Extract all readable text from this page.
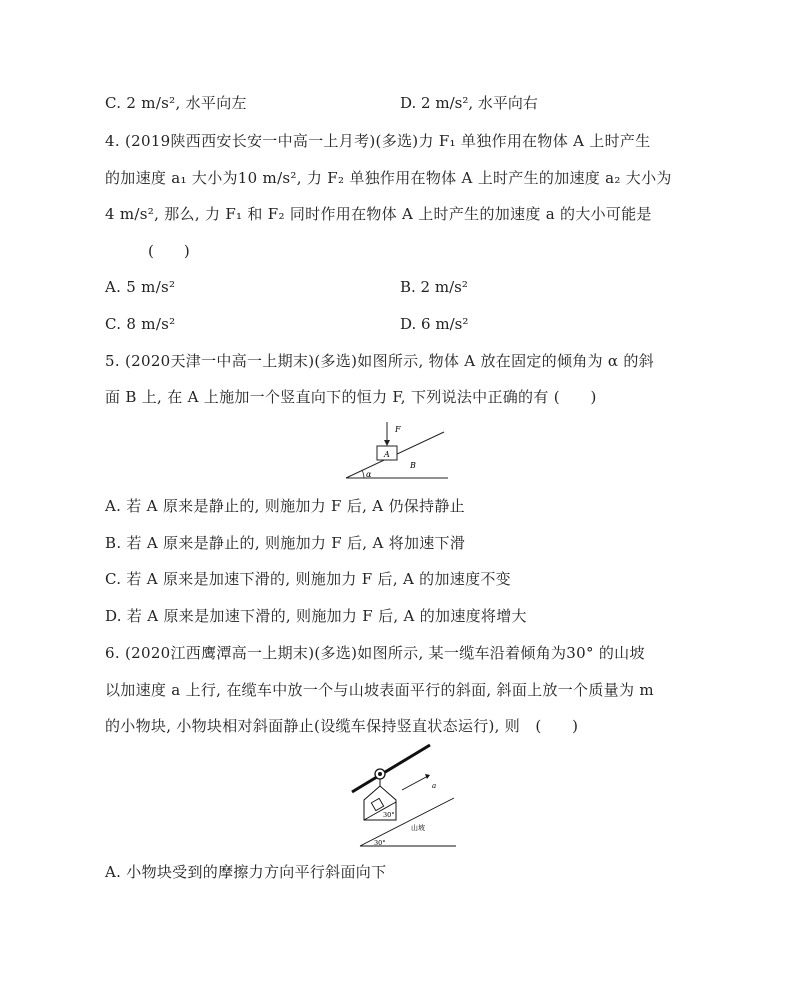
C. 2 m/s², 水平向左	D. 2 m/s², 水平向右
4. (2019陕西西安长安一中高一上月考)(多选)力 F₁ 单独作用在物体 A 上时产生
的加速度 a₁ 大小为10 m/s², 力 F₂ 单独作用在物体 A 上时产生的加速度 a₂ 大小为
4 m/s², 那么, 力 F₁ 和 F₂ 同时作用在物体 A 上时产生的加速度 a 的大小可能是
(　　)
A. 5 m/s²	B. 2 m/s²
C. 8 m/s²	D. 6 m/s²
5. (2020天津一中高一上期末)(多选)如图所示, 物体 A 放在固定的倾角为 α 的斜
面 B 上, 在 A 上施加一个竖直向下的恒力 F, 下列说法中正确的有 (　　)
F
A
B
α
A. 若 A 原来是静止的, 则施加力 F 后, A 仍保持静止
B. 若 A 原来是静止的, 则施加力 F 后, A 将加速下滑
C. 若 A 原来是加速下滑的, 则施加力 F 后, A 的加速度不变
D. 若 A 原来是加速下滑的, 则施加力 F 后, A 的加速度将增大
6. (2020江西鹰潭高一上期末)(多选)如图所示, 某一缆车沿着倾角为30° 的山坡
以加速度 a 上行, 在缆车中放一个与山坡表面平行的斜面, 斜面上放一个质量为 m
的小物块, 小物块相对斜面静止(设缆车保持竖直状态运行), 则　(　　)
30°
a
山坡
30°
A. 小物块受到的摩擦力方向平行斜面向下
